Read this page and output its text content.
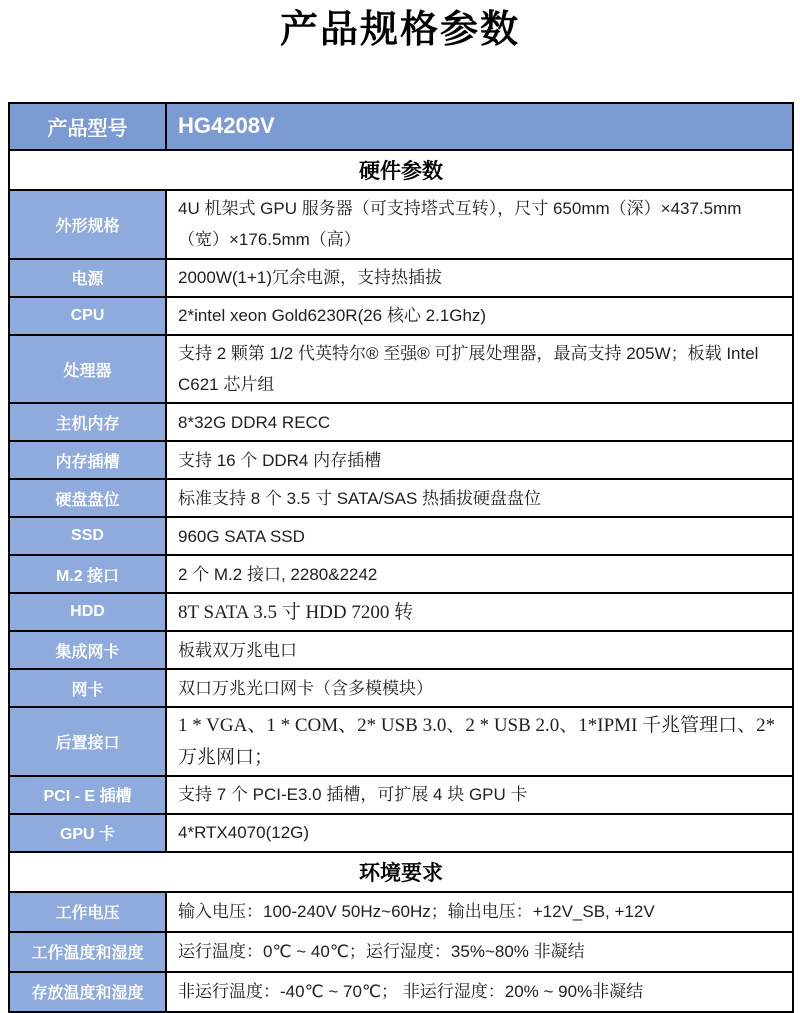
产品规格参数
产品型号	HG4208V
硬件参数	
外形规格	4U 机架式 GPU 服务器（可支持塔式互转），尺寸 650mm（深）×437.5mm（宽）×176.5mm（高）
电源	2000W(1+1)冗余电源，支持热插拔
CPU	2*intel xeon Gold6230R(26 核心 2.1Ghz)
处理器	支持 2 颗第 1/2 代英特尔® 至强® 可扩展处理器，最高支持 205W；板载 Intel C621 芯片组
主机内存	8*32G DDR4 RECC
内存插槽	支持 16 个 DDR4 内存插槽
硬盘盘位	标准支持 8 个 3.5 寸 SATA/SAS 热插拔硬盘盘位
SSD	960G SATA SSD
M.2 接口	2 个 M.2 接口, 2280&2242
HDD	8T SATA 3.5 寸 HDD 7200 转
集成网卡	板载双万兆电口
网卡	双口万兆光口网卡（含多模模块）
后置接口	1 * VGA、1 * COM、2* USB 3.0、2 * USB 2.0、1*IPMI 千兆管理口、2*万兆网口；
PCI - E 插槽	支持 7 个 PCI-E3.0 插槽，可扩展 4 块 GPU 卡
GPU 卡	4*RTX4070(12G)
环境要求	
工作电压	输入电压：100-240V 50Hz~60Hz；输出电压：+12V_SB, +12V
工作温度和湿度	运行温度：0℃ ~ 40℃；运行湿度：35%~80% 非凝结
存放温度和湿度	非运行温度：-40℃ ~ 70℃； 非运行湿度：20% ~ 90%非凝结
